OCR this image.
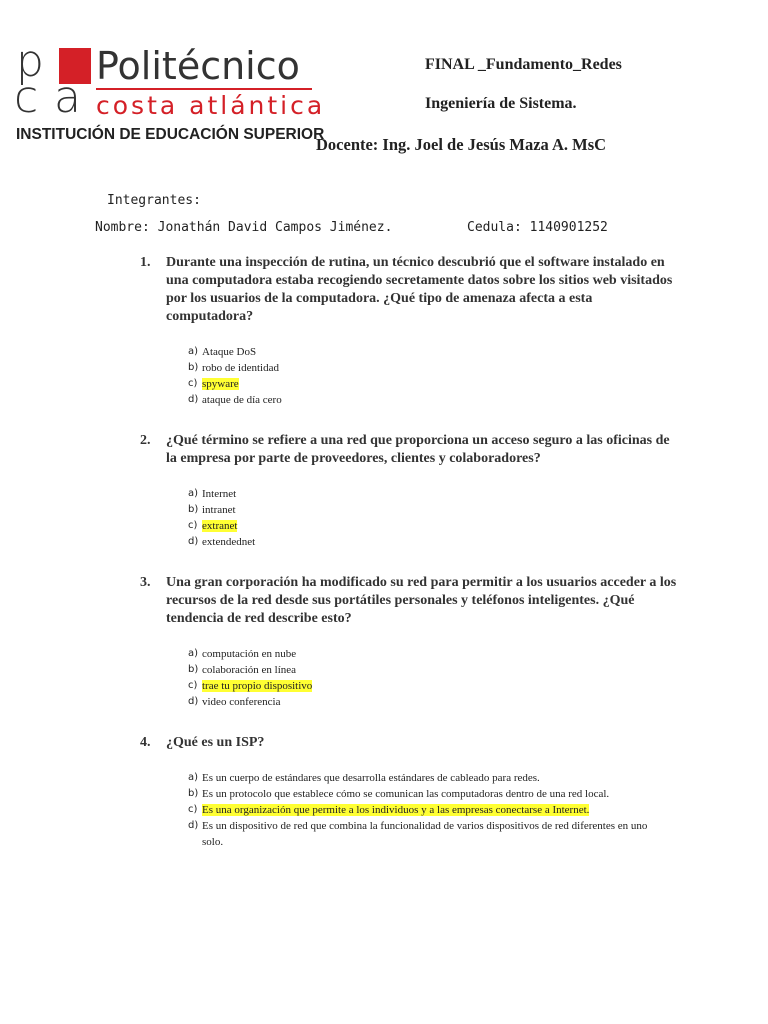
p
c a
Politécnico
costa atlántica
INSTITUCIÓN DE EDUCACIÓN SUPERIOR
FINAL _Fundamento_Redes
Ingeniería de Sistema.
Docente: Ing. Joel de Jesús Maza A. MsC
Integrantes:
Nombre: Jonathán David Campos Jiménez.	Cedula: 1140901252
1.	Durante una inspección de rutina, un técnico descubrió que el software instalado en una computadora estaba recogiendo secretamente datos sobre los sitios web visitados por los usuarios de la computadora. ¿Qué tipo de amenaza afecta a esta computadora?
a) Ataque DoS
b) robo de identidad
c) spyware
d) ataque de día cero
2.	¿Qué término se refiere a una red que proporciona un acceso seguro a las oficinas de la empresa por parte de proveedores, clientes y colaboradores?
a) Internet
b) intranet
c) extranet
d) extendednet
3.	Una gran corporación ha modificado su red para permitir a los usuarios acceder a los recursos de la red desde sus portátiles personales y teléfonos inteligentes. ¿Qué tendencia de red describe esto?
a) computación en nube
b) colaboración en línea
c) trae tu propio dispositivo
d) video conferencia
4.	¿Qué es un ISP?
a) Es un cuerpo de estándares que desarrolla estándares de cableado para redes.
b) Es un protocolo que establece cómo se comunican las computadoras dentro de una red local.
c) Es una organización que permite a los individuos y a las empresas conectarse a Internet.
d) Es un dispositivo de red que combina la funcionalidad de varios dispositivos de red diferentes en uno solo.
